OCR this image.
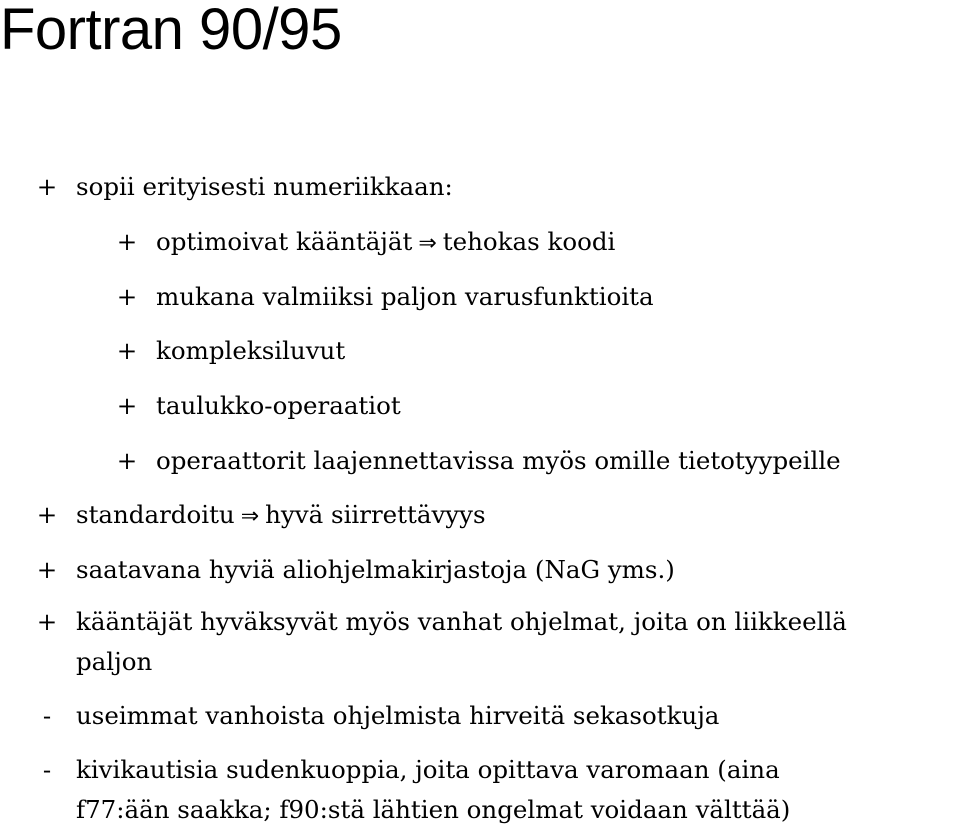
Fortran 90/95
+ sopii erityisesti numeriikkaan:
+ optimoivat kääntäjät ⇒ tehokas koodi
+ mukana valmiiksi paljon varusfunktioita
+ kompleksiluvut
+ taulukko-operaatiot
+ operaattorit laajennettavissa myös omille tietotyypeille
+ standardoitu ⇒ hyvä siirrettävyys
+ saatavana hyviä aliohjelmakirjastoja (NaG yms.)
+ kääntäjät hyväksyvät myös vanhat ohjelmat, joita on liikkeellä
paljon
-	useimmat vanhoista ohjelmista hirveitä sekasotkuja
-	kivikautisia sudenkuoppia, joita opittava varomaan (aina
f77:ään saakka; f90:stä lähtien ongelmat voidaan välttää)
